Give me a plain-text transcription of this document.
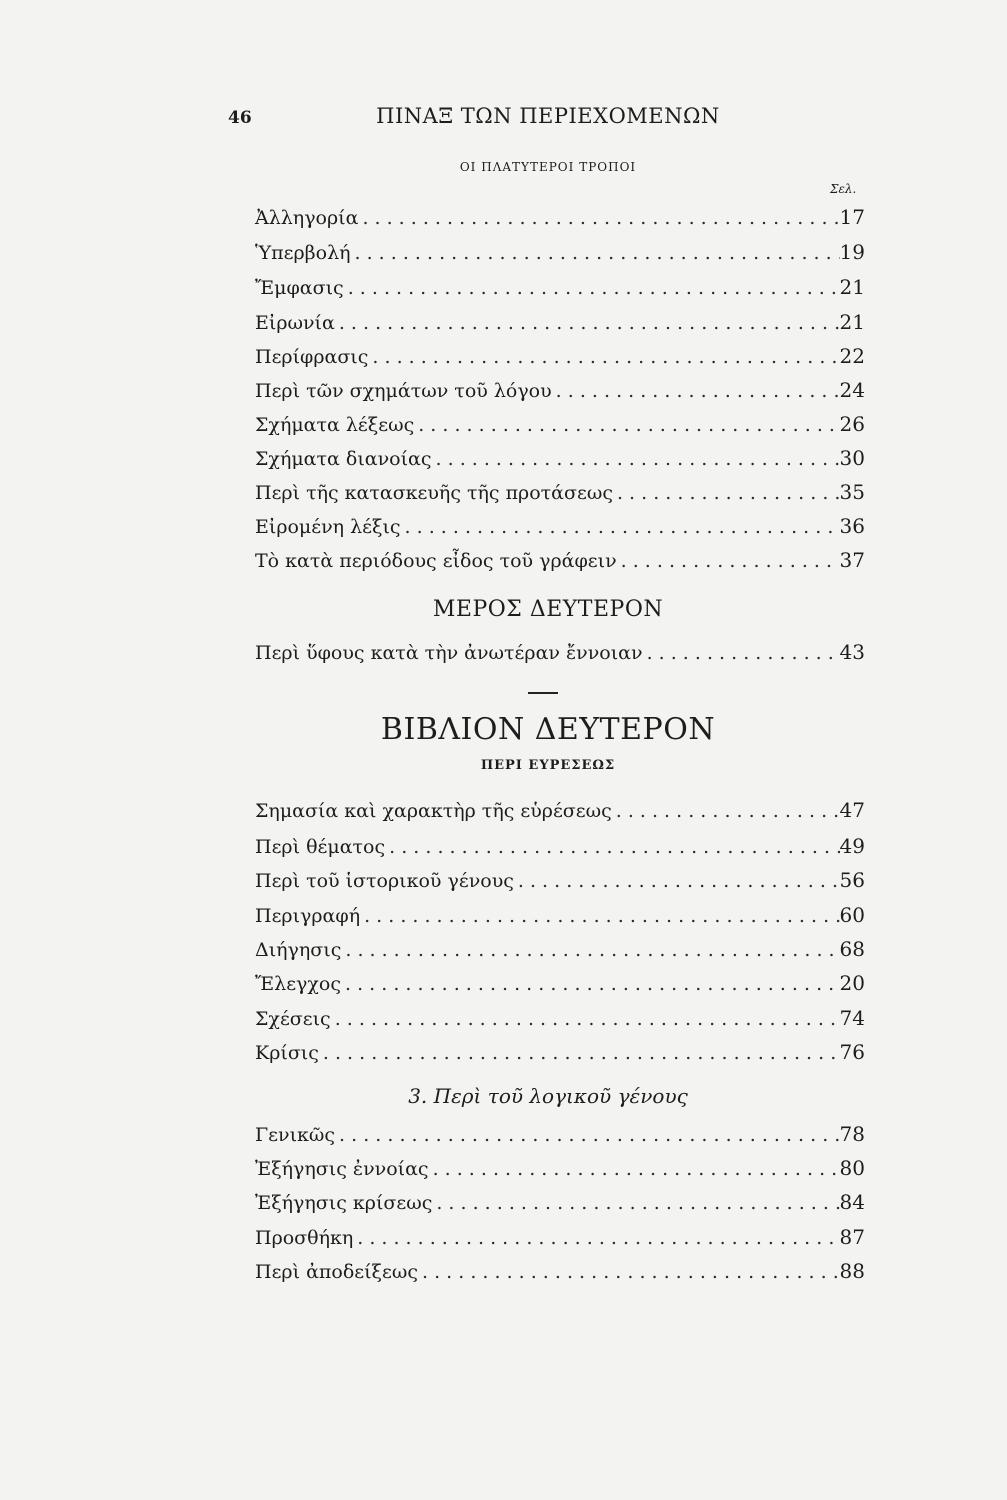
46	ΠΙΝΑΞ ΤΩΝ ΠΕΡΙΕΧΟΜΕΝΩΝ
ΟΙ ΠΛΑΤΥΤΕΡΟΙ ΤΡΟΠΟΙ
Σελ.
Ἀλληγορία . . .	17
Ὑπερβολή . . .	19
Ἔμφασις . . .	21
Εἰρωνία . . .	21
Περίφρασις . . .	22
Περὶ τῶν σχημάτων τοῦ λόγου . . .	24
Σχήματα λέξεως . . .	26
Σχήματα διανοίας . . .	30
Περὶ τῆς κατασκευῆς τῆς προτάσεως . . .	35
Εἰρομένη λέξις . . .	36
Τὸ κατὰ περιόδους εἶδος τοῦ γράφειν . . .	37
ΜΕΡΟΣ ΔΕΥΤΕΡΟΝ
Περὶ ὕφους κατὰ τὴν ἀνωτέραν ἔννοιαν . . .	43
ΒΙΒΛΙΟΝ ΔΕΥΤΕΡΟΝ
ΠΕΡΙ ΕΥΡΕΣΕΩΣ
Σημασία καὶ χαρακτὴρ τῆς εὑρέσεως . . .	47
Περὶ θέματος . . .	49
Περὶ τοῦ ἱστορικοῦ γένους . . .	56
Περιγραφή . . .	60
Διήγησις . . .	68
Ἔλεγχος . . .	20
Σχέσεις . . .	74
Κρίσις . . .	76
3. Περὶ τοῦ λογικοῦ γένους
Γενικῶς . . .	78
Ἐξήγησις ἐννοίας . . .	80
Ἐξήγησις κρίσεως . . .	84
Προσθήκη . . .	87
Περὶ ἀποδείξεως . . .	88
